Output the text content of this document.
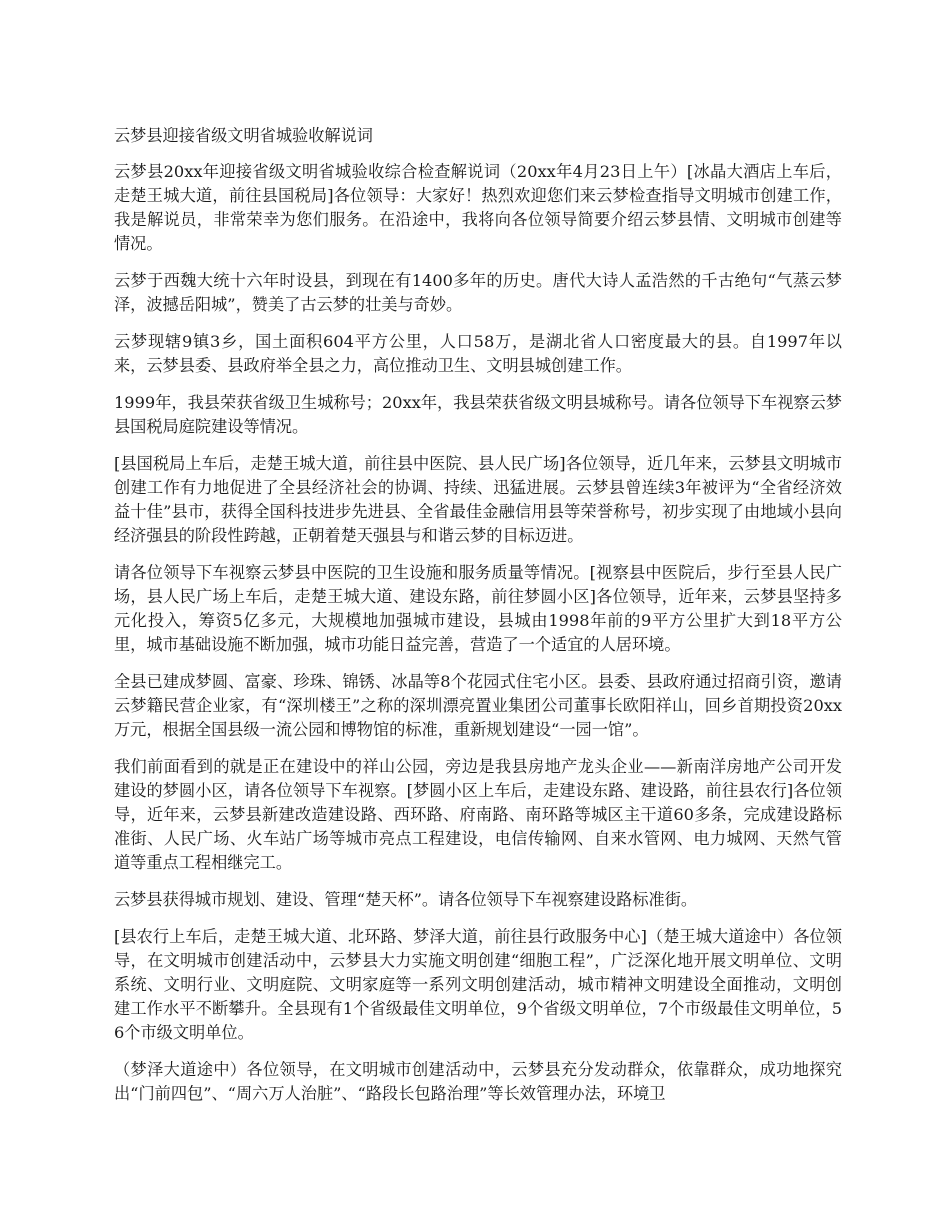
云梦县迎接省级文明省城验收解说词

云梦县20xx年迎接省级文明省城验收综合检查解说词（20xx年4月23日上午）[冰晶大酒店上车后，走楚王城大道，前往县国税局]各位领导：大家好！热烈欢迎您们来云梦检查指导文明城市创建工作，我是解说员，非常荣幸为您们服务。在沿途中，我将向各位领导简要介绍云梦县情、文明城市创建等情况。

云梦于西魏大统十六年时设县，到现在有1400多年的历史。唐代大诗人孟浩然的千古绝句“气蒸云梦泽，波撼岳阳城”，赞美了古云梦的壮美与奇妙。

云梦现辖9镇3乡，国土面积604平方公里，人口58万，是湖北省人口密度最大的县。自1997年以来，云梦县委、县政府举全县之力，高位推动卫生、文明县城创建工作。

1999年，我县荣获省级卫生城称号；20xx年，我县荣获省级文明县城称号。请各位领导下车视察云梦县国税局庭院建设等情况。

[县国税局上车后，走楚王城大道，前往县中医院、县人民广场]各位领导，近几年来，云梦县文明城市创建工作有力地促进了全县经济社会的协调、持续、迅猛进展。云梦县曾连续3年被评为“全省经济效益十佳”县市，获得全国科技进步先进县、全省最佳金融信用县等荣誉称号，初步实现了由地域小县向经济强县的阶段性跨越，正朝着楚天强县与和谐云梦的目标迈进。

请各位领导下车视察云梦县中医院的卫生设施和服务质量等情况。[视察县中医院后，步行至县人民广场，县人民广场上车后，走楚王城大道、建设东路，前往梦圆小区]各位领导，近年来，云梦县坚持多元化投入，筹资5亿多元，大规模地加强城市建设，县城由1998年前的9平方公里扩大到18平方公里，城市基础设施不断加强，城市功能日益完善，营造了一个适宜的人居环境。

全县已建成梦圆、富豪、珍珠、锦锈、冰晶等8个花园式住宅小区。县委、县政府通过招商引资，邀请云梦籍民营企业家，有“深圳楼王”之称的深圳漂亮置业集团公司董事长欧阳祥山，回乡首期投资20xx万元，根据全国县级一流公园和博物馆的标准，重新规划建设“一园一馆”。

我们前面看到的就是正在建设中的祥山公园，旁边是我县房地产龙头企业——新南洋房地产公司开发建设的梦圆小区，请各位领导下车视察。[梦圆小区上车后，走建设东路、建设路，前往县农行]各位领导，近年来，云梦县新建改造建设路、西环路、府南路、南环路等城区主干道60多条，完成建设路标准街、人民广场、火车站广场等城市亮点工程建设，电信传输网、自来水管网、电力城网、天然气管道等重点工程相继完工。

云梦县获得城市规划、建设、管理“楚天杯”。请各位领导下车视察建设路标准街。

[县农行上车后，走楚王城大道、北环路、梦泽大道，前往县行政服务中心]（楚王城大道途中）各位领导，在文明城市创建活动中，云梦县大力实施文明创建“细胞工程”，广泛深化地开展文明单位、文明系统、文明行业、文明庭院、文明家庭等一系列文明创建活动，城市精神文明建设全面推动，文明创建工作水平不断攀升。全县现有1个省级最佳文明单位，9个省级文明单位，7个市级最佳文明单位，56个市级文明单位。

（梦泽大道途中）各位领导，在文明城市创建活动中，云梦县充分发动群众，依靠群众，成功地探究出“门前四包”、“周六万人治脏”、“路段长包路治理”等长效管理办法，环境卫
